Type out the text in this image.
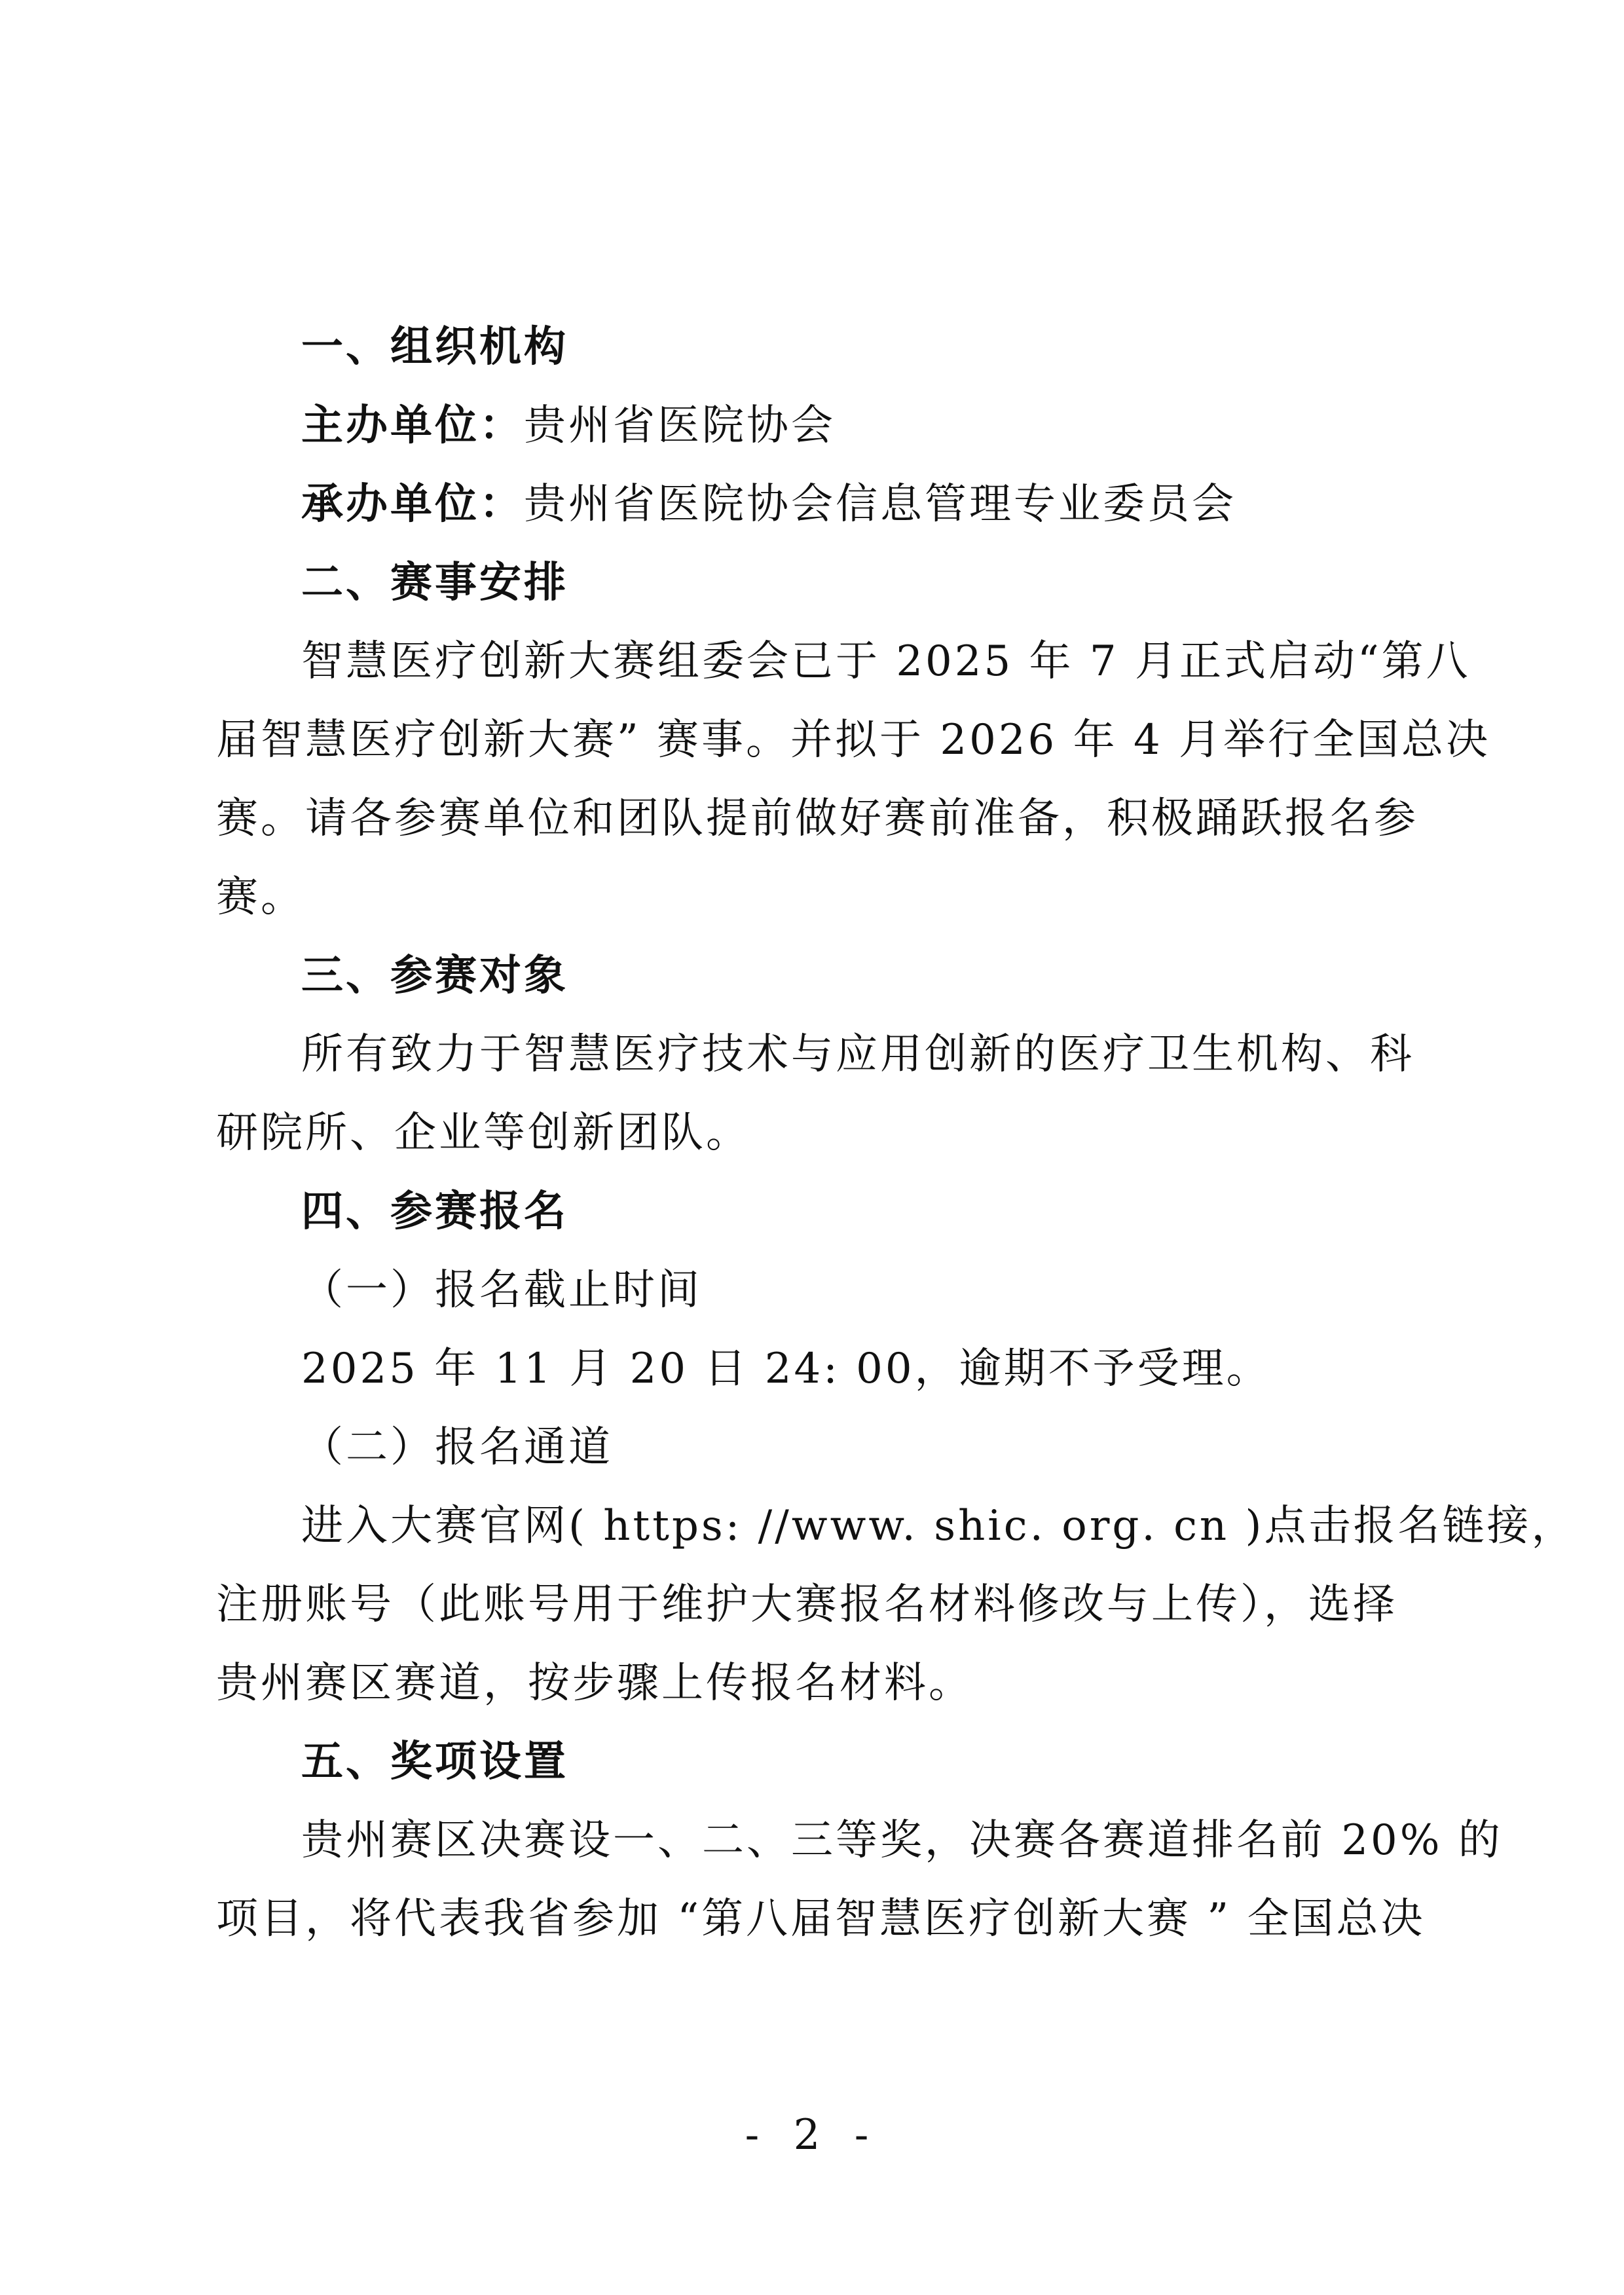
一、组织机构
主办单位：贵州省医院协会
承办单位：贵州省医院协会信息管理专业委员会
二、赛事安排
智慧医疗创新大赛组委会已于 2025 年 7 月正式启动“第八
届智慧医疗创新大赛” 赛事。并拟于 2026 年 4 月举行全国总决
赛。请各参赛单位和团队提前做好赛前准备，积极踊跃报名参
赛。
三、参赛对象
所有致力于智慧医疗技术与应用创新的医疗卫生机构、科
研院所、企业等创新团队。
四、参赛报名
（一）报名截止时间
2025 年 11 月 20 日 24: 00，逾期不予受理。
（二）报名通道
进入大赛官网( https: //www. shic. org. cn )点击报名链接，
注册账号（此账号用于维护大赛报名材料修改与上传），选择
贵州赛区赛道，按步骤上传报名材料。
五、奖项设置
贵州赛区决赛设一、二、三等奖，决赛各赛道排名前 20% 的
项目，将代表我省参加 “第八届智慧医疗创新大赛 ” 全国总决
- 2 -
